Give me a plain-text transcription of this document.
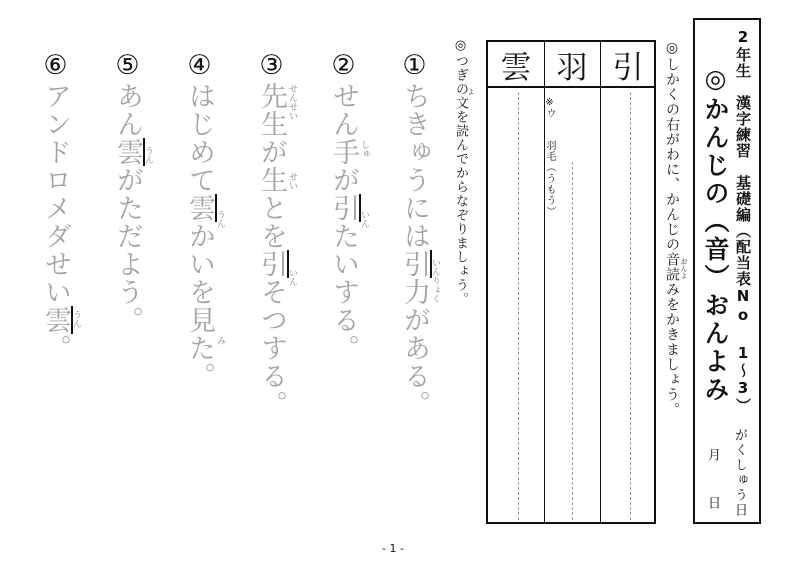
2年生　漢字練習　基礎編（配当表No 1〜3）
◎かんじの（音）おんよみ
がくしゅう日
月
日
◎しかくの右がわに、かんじの音読みをかきましょう。 おんよ
引
羽
雲
※ウ
羽毛（うもう）
◎つぎの文を読んでからなぞりましょう。 よ
①ちきゅうには引力がある。 いんりょく
②せん手が引たいする。
しゅ
いん
③先生が生とを引そつする。
せんせい
せい
いん
④はじめて雲かいを見た。
うん
み
⑤あん雲がただよう。
うん
⑥アンドロメダせい雲。
うん
- 1 -
